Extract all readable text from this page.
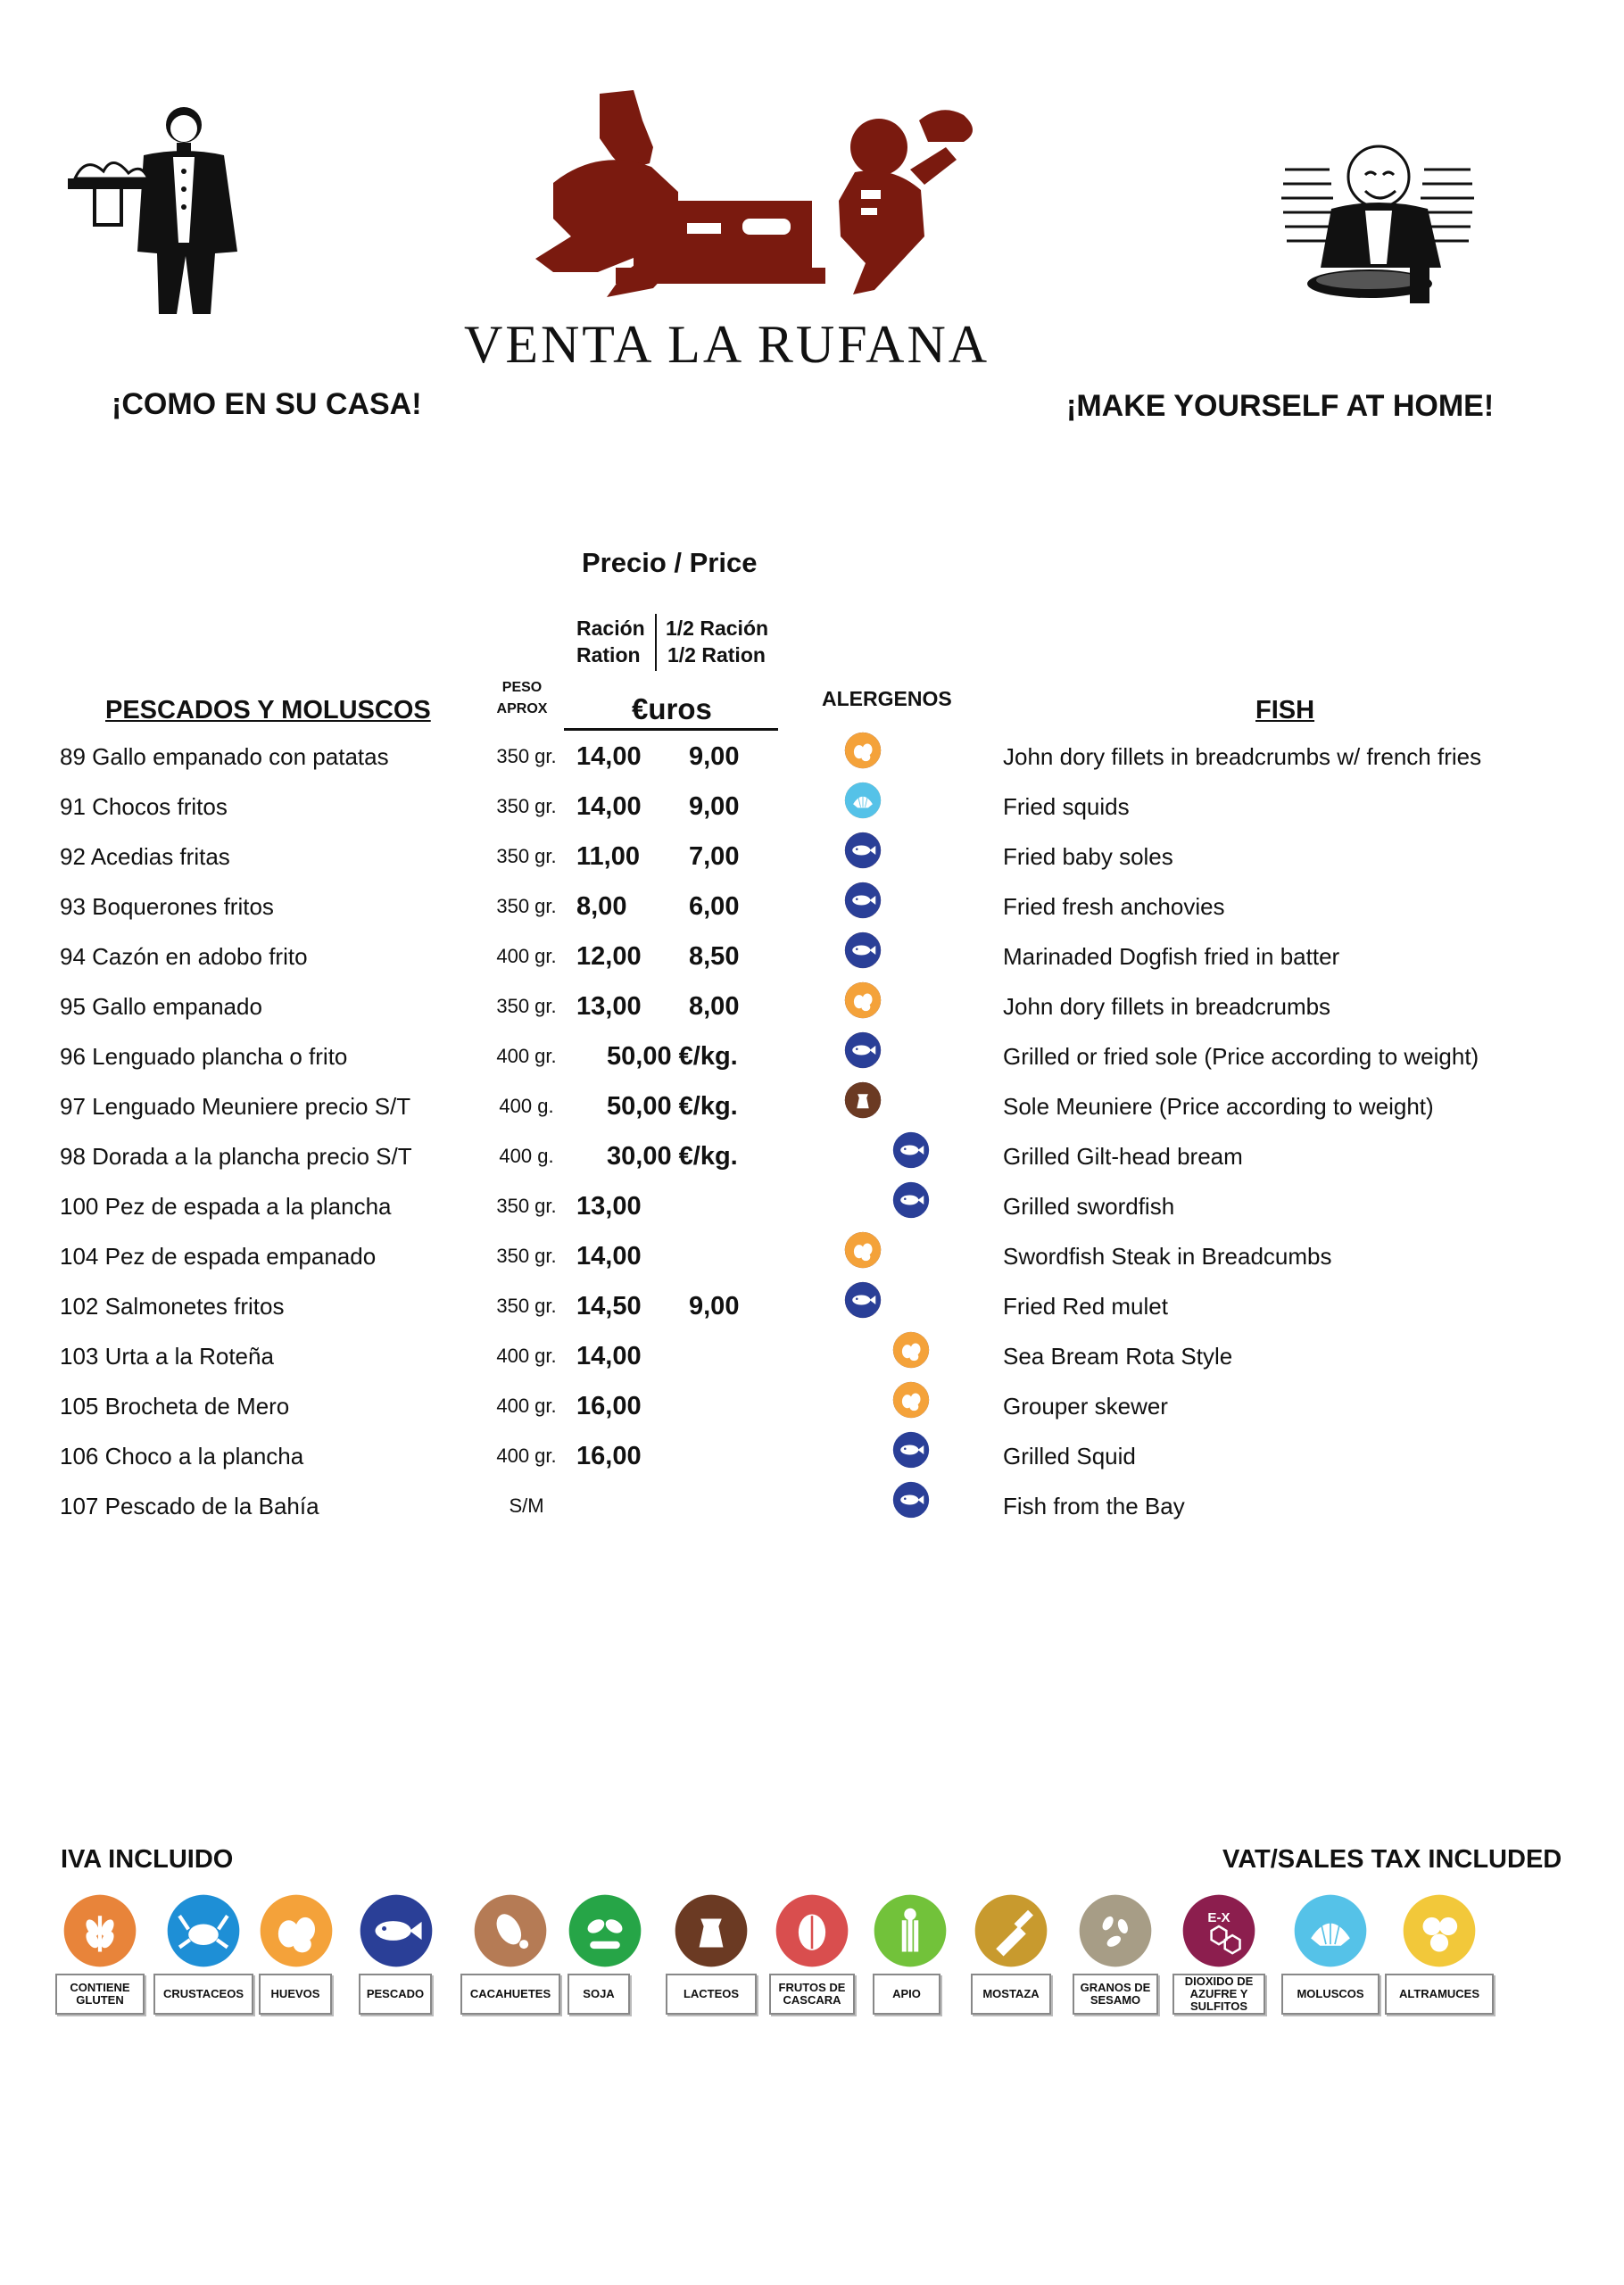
VENTA LA RUFANA
¡COMO EN SU CASA!	¡MAKE YOURSELF AT HOME!
Precio / Price
Ración
Ration
1/2 Ración
1/2 Ration
PESCADOS Y MOLUSCOS
PESO
APROX	€uros	ALERGENOS	FISH
89 Gallo empanado con patatas	350 gr. 14,00 9,00	John dory fillets in breadcrumbs w/ french fries
91 Chocos fritos	350 gr. 14,00 9,00	Fried squids
92 Acedias fritas	350 gr. 11,00 7,00	Fried baby soles
93 Boquerones fritos	350 gr. 8,00 6,00	Fried fresh anchovies
94 Cazón en adobo frito	400 gr. 12,00 8,50	Marinaded Dogfish fried in batter
95 Gallo empanado	350 gr. 13,00 8,00	John dory fillets in breadcrumbs
96 Lenguado plancha o frito	400 gr.	50,00 €/kg.	Grilled or fried sole (Price according to weight)
97 Lenguado Meuniere precio S/T	400 g.	50,00 €/kg.	Sole Meuniere (Price according to weight)
98 Dorada a la plancha precio S/T	400 g.	30,00 €/kg.	Grilled Gilt-head bream
100 Pez de espada a la plancha	350 gr. 13,00	Grilled swordfish
104 Pez de espada empanado	350 gr. 14,00	Swordfish Steak in Breadcumbs
102 Salmonetes fritos	350 gr. 14,50 9,00	Fried Red mulet
103 Urta a la Roteña	400 gr. 14,00	Sea Bream Rota Style
105 Brocheta de Mero	400 gr. 16,00	Grouper skewer
106 Choco a la plancha	400 gr. 16,00	Grilled Squid
107 Pescado de la Bahía	S/M	Fish from the Bay
IVA INCLUIDO	VAT/SALES TAX INCLUDED
CONTIENE GLUTEN	CRUSTACEOS	HUEVOS	PESCADO	CACAHUETES	SOJA	LACTEOS	FRUTOS DE CASCARA	APIO	MOSTAZA	GRANOS DE SESAMO
E-X
DIOXIDO DE AZUFRE Y SULFITOS
MOLUSCOS	ALTRAMUCES
